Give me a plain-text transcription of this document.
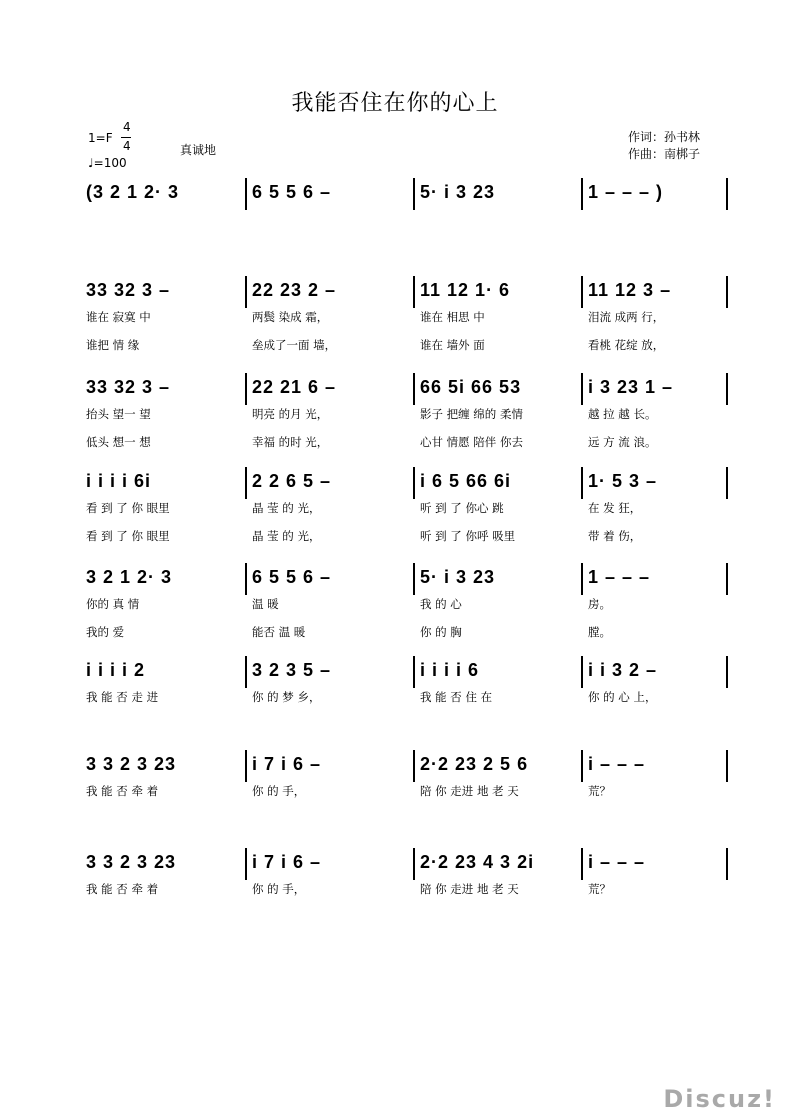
我能否住在你的心上
1=F
4
4
♩=100
真诚地
作词：孙书林
作曲：南梆子
(3 2 1 2· 3	6 5 5 6 –	5· i 3 23	1 – – – )
33 32 3 –	22 23 2 –	11 12 1· 6	11 12 3 –
谁在 寂寞 中	两鬓 染成 霜，	谁在 相思 中	泪流 成两 行，
谁把 情 缘	垒成了一面 墙，	谁在 墙外 面	看桃 花绽 放，
33 32 3 –	22 21 6 –	66 5i 66 53	i 3 23 1 –
抬头 望一 望	明亮 的月 光，	影子 把缠 绵的 柔情	越 拉 越 长。
低头 想一 想	幸福 的时 光，	心甘 情愿 陪伴 你去	远 方 流 浪。
i i i i 6i	2 2 6 5 –	i 6 5 66 6i	1· 5 3 –
看 到 了 你 眼里	晶 莹 的 光，	听 到 了 你心 跳	在 发 狂，
看 到 了 你 眼里	晶 莹 的 光，	听 到 了 你呼 吸里	带 着 伤，
3 2 1 2· 3	6 5 5 6 –	5· i 3 23	1 – – –
你的 真 情	温 暖	我 的 心	房。
我的 爱	能否 温 暖	你 的 胸	膛。
i i i i 2	3 2 3 5 –	i i i i 6	i i 3 2 –
我 能 否 走 进	你 的 梦 乡，	我 能 否 住 在	你 的 心 上，
3 3 2 3 23	i 7 i 6 –	2·2 23 2 5 6	i – – –
我 能 否 牵 着	你 的 手，	陪 你 走进 地 老 天	荒？
3 3 2 3 23	i 7 i 6 –	2·2 23 4 3 2i	i – – –
我 能 否 牵 着	你 的 手，	陪 你 走进 地 老 天	荒？
Discuz!
